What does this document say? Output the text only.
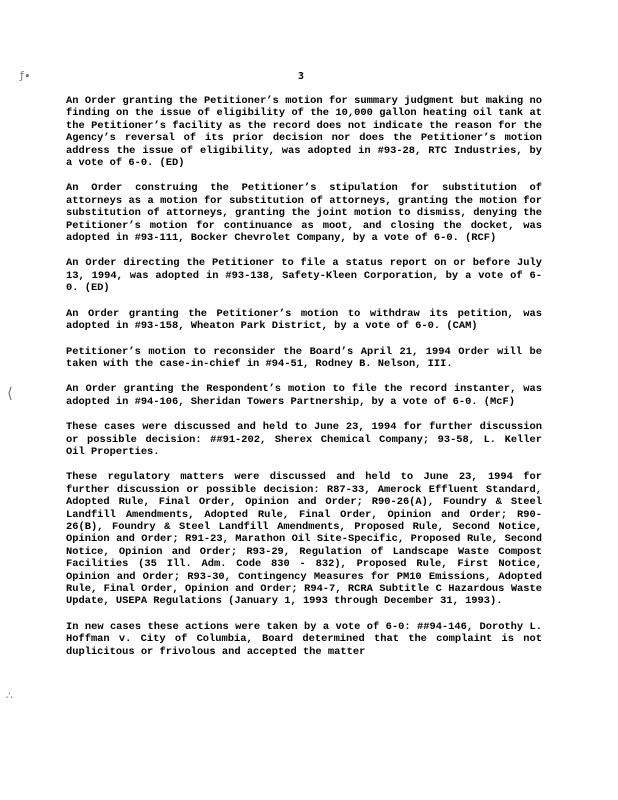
ƒ∙
⟨
∴
3

An Order granting the Petitioner’s motion for summary judgment but making no finding on the issue of eligibility of the 10,000 gallon heating oil tank at the Petitioner’s facility as the record does not indicate the reason for the Agency’s reversal of its prior decision nor does the Petitioner’s motion address the issue of eligibility, was adopted in #93-28, RTC Industries, by a vote of 6-0. (ED)

An Order construing the Petitioner’s stipulation for substitution of attorneys as a motion for substitution of attorneys, granting the motion for substitution of attorneys, granting the joint motion to dismiss, denying the Petitioner’s motion for continuance as moot, and closing the docket, was adopted in #93-111, Bocker Chevrolet Company, by a vote of 6-0. (RCF)

An Order directing the Petitioner to file a status report on or before July 13, 1994, was adopted in #93-138, Safety-Kleen Corporation, by a vote of 6-0. (ED)

An Order granting the Petitioner’s motion to withdraw its petition, was adopted in #93-158, Wheaton Park District, by a vote of 6-0. (CAM)

Petitioner’s motion to reconsider the Board’s April 21, 1994 Order will be taken with the case-in-chief in #94-51, Rodney B. Nelson, III.

An Order granting the Respondent’s motion to file the record instanter, was adopted in #94-106, Sheridan Towers Partnership, by a vote of 6-0. (McF)

These cases were discussed and held to June 23, 1994 for further discussion or possible decision: ##91-202, Sherex Chemical Company; 93-58, L. Keller Oil Properties.

These regulatory matters were discussed and held to June 23, 1994 for further discussion or possible decision: R87-33, Amerock Effluent Standard, Adopted Rule, Final Order, Opinion and Order; R90-26(A), Foundry & Steel Landfill Amendments, Adopted Rule, Final Order, Opinion and Order; R90-26(B), Foundry & Steel Landfill Amendments, Proposed Rule, Second Notice, Opinion and Order; R91-23, Marathon Oil Site-Specific, Proposed Rule, Second Notice, Opinion and Order; R93-29, Regulation of Landscape Waste Compost Facilities (35 Ill. Adm. Code 830 - 832), Proposed Rule, First Notice, Opinion and Order; R93-30, Contingency Measures for PM10 Emissions, Adopted Rule, Final Order, Opinion and Order; R94-7, RCRA Subtitle C Hazardous Waste Update, USEPA Regulations (January 1, 1993 through December 31, 1993).

In new cases these actions were taken by a vote of 6-0: ##94-146, Dorothy L. Hoffman v. City of Columbia, Board determined that the complaint is not duplicitous or frivolous and accepted the matter
